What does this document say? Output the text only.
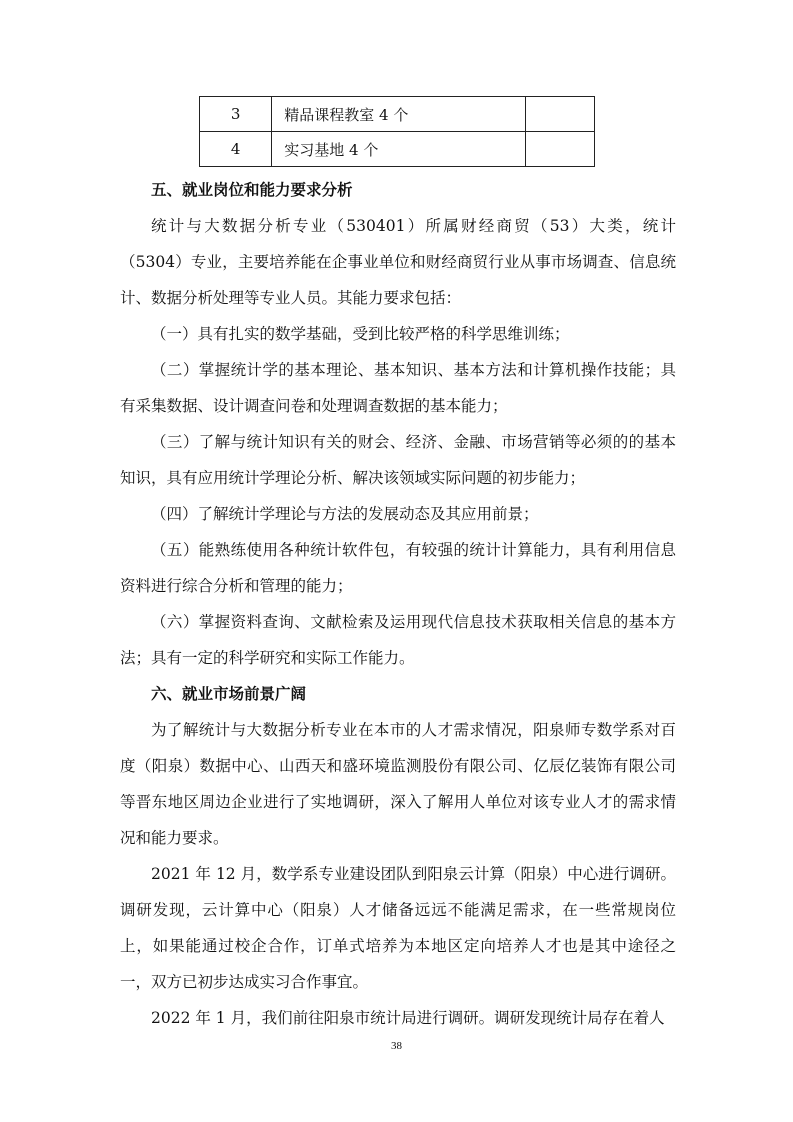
3	精品课程教室 4 个	
4	实习基地 4 个	
五、就业岗位和能力要求分析

统计与大数据分析专业（530401）所属财经商贸（53）大类，统计（5304）专业，主要培养能在企事业单位和财经商贸行业从事市场调查、信息统计、数据分析处理等专业人员。其能力要求包括：

（一）具有扎实的数学基础，受到比较严格的科学思维训练；

（二）掌握统计学的基本理论、基本知识、基本方法和计算机操作技能；具有采集数据、设计调查问卷和处理调查数据的基本能力；

（三）了解与统计知识有关的财会、经济、金融、市场营销等必须的的基本知识，具有应用统计学理论分析、解决该领域实际问题的初步能力；

（四）了解统计学理论与方法的发展动态及其应用前景；

（五）能熟练使用各种统计软件包，有较强的统计计算能力，具有利用信息资料进行综合分析和管理的能力；

（六）掌握资料查询、文献检索及运用现代信息技术获取相关信息的基本方法；具有一定的科学研究和实际工作能力。

六、就业市场前景广阔

为了解统计与大数据分析专业在本市的人才需求情况，阳泉师专数学系对百度（阳泉）数据中心、山西天和盛环境监测股份有限公司、亿辰亿装饰有限公司等晋东地区周边企业进行了实地调研，深入了解用人单位对该专业人才的需求情况和能力要求。

2021 年 12 月，数学系专业建设团队到阳泉云计算（阳泉）中心进行调研。调研发现，云计算中心（阳泉）人才储备远远不能满足需求，在一些常规岗位上，如果能通过校企合作，订单式培养为本地区定向培养人才也是其中途径之一，双方已初步达成实习合作事宜。

2022 年 1 月，我们前往阳泉市统计局进行调研。调研发现统计局存在着人

38
